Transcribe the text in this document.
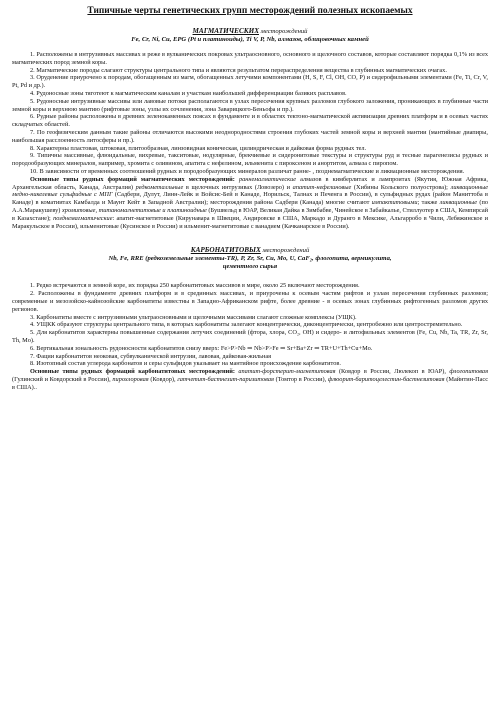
Типичные черты генетических групп месторождений полезных ископаемых
МАГМАТИЧЕСКИХ месторождений
Fe, Cr, Ni, Cu, EPG (Pt и платиноиды), Ti V, P, Nb, алмазов, облицовочных камней

1. Расположены в интрузивных массивах и реже в вулканических покровах ультраосновного, основного и щелочного составов, которые составляют порядка 0,1% из всех магматических пород земной коры.

2. Магматические породы слагают структуры центрального типа и являются результатом перераспределения вещества в глубинных магматических очагах.

3. Оруденение приурочено к породам, обогащенным из магм, обогащенных летучими компонентами (H, S, F, Cl, OH, CO, P) и сидерофильными элементами (Fe, Ti, Cr, V, Pt, Pd и др.).

4. Рудоносные зоны тяготеют к магматическим каналам и участкам наибольшей дифференциации базиких расплавов.

5. Рудоносные интрузивные массивы или лавовые потоки располагаются в узлах пересечения крупных разломов глубокого заложения, проникающих в глубинные части земной коры и верхнюю мантию (рифтовые зоны, узлы их сочленения, зона Заварицкого-Беньофа и пр.).

6. Рудные районы расположены в древних зеленокаменных поясах в фундаменте и в областях тектоно-магматической активизации древних платформ и в осевых частях складчатых областей.

7. По геофизическим данным такие районы отличаются высокими неоднородностями строения глубоких частей земной коры и верхней мантии (мантийные диапиры, наибольшая расслоенность литосферы и пр.).

8. Характерны пластовая, штоковая, плитообразная, линзовидная коническая, цилиндрическая и дайковая форма рудных тел.

9. Типичны массивные, флюидальные, вихревые, такситовые, нодулярные, брекчиевые и сидеронитовые текстуры и структуры руд и тесные парагенезисы рудных и породообразующих минералов, например, хромита с оливином, апатита с нефелином, ильменита с пироксеном и анортитом, алмаза с пиропом.

10. В зависимости от временных соотношений рудных и породообразующих минералов различат ранне- , позднемагматические и ликвационные месторождения.

Основные типы рудных формаций магматических месторождений: раннемагматические алмазов в кимберлитах и лампроитах (Якутия, Южная Африка, Архангельская область, Канада, Австралия) редкометалльные в щелочных интрузивах (Ловозеро) и апатит-нефелиновые (Хибины Кольского полуострова); ликвационные медно-никелевые сульфидные с МПГ (Садбери, Дулут, Линн-Лейк и Войсис-Бей в Канаде, Норильск, Талнах и Печенга в России), в сульфидных рудах (район Маниттоба в Канаде) в коматиитах Камбалда и Маунт Кейт в Западной Австралии); месторождения района Садбери (Канада) многие считают импактитовыми; также ликвационные (по А.А.Маракушеву) хромитовые, титаномагнетитовые и платиноидные (Бушвельд в ЮАР, Великая Дайка в Зимбабве, Чинейское в Забайкалье, Стиллуотер в США, Кемпирсай в Казахстане); позднемагматические: апатит-магнетитовые (Кирунавара в Швеции, Андировске в США, Маркадо и Дуранго в Мексике, Альгарробо в Чили, Лебяжинское и Маракульское в России), ильменитовые (Кусинское в России) и ильменит-магнетитовые с ванадием (Качканарское в России).

КАРБОНАТИТОВЫХ месторождений
Nb, Fe, RRE (редкоземельные элементы-TR), P, Zr, Sr, Cu, Mo, U, CaF₂, флогопита, вермикулита,
цементного сырья

1. Редко встречаются в земной коре, их порядка 250 карбонатитовых массивов в мире, около 25 включают месторождения.

2. Расположены в фундаменте древних платформ и в срединных массивах, и приурочены к осевым частям рифтов и узлам пересечения глубинных разломов; современные и мезозойско-кайнозойские карбонатиты известны в Западно-Африканском рифте, более древние - в осевых зонах глубинных рифтогенных разломов других регионов.

3. Карбонатиты вместе с интрузивными ультраосновными и щелочными массивами слагают сложные комплексы (УЩК).

4. УЩКК образуют структуры центрального типа, в которых карбонатиты залегают концентрически, диконцентрически, центробежно или центростремительно.

5. Для карбонатитов характерны повышенные содержания летучих соединений (фтора, хлора, CO₂, OH) и сидеро- и литофильных элементов (Fe, Cu, Nb, Ta, TR, Zr, Sr, Th, Mo).

6. Вертикальная зональность рудоносности карбонатитов снизу вверх: Fe>P>Nb ⇒ Nb>P>Fe ⇒ Sr+Ba+Zr ⇒ TR+U+Th+Cu+Mo.

7. Фации карбонатитов неоковая, субвулканической интрузии, лавовая, дайковая-жильная

8. Изотопный состав углерода карбонатов и серы сульфидов указывает на мантийное происхождение карбонатитов.

Основные типы рудных формаций карбонатитовых месторождений: апатит-форстерит-магнетитовая (Ковдор в России, Люлекоп в ЮАР), флогопитовая (Гулинский и Ковдорский в России), пирохлоровая (Ковдор), гатчетит-бастнезит-паризитовая (Томтор в России), флюорит-баритоцелестин-бастнезитовая (Майнтин-Пасс в США)..
